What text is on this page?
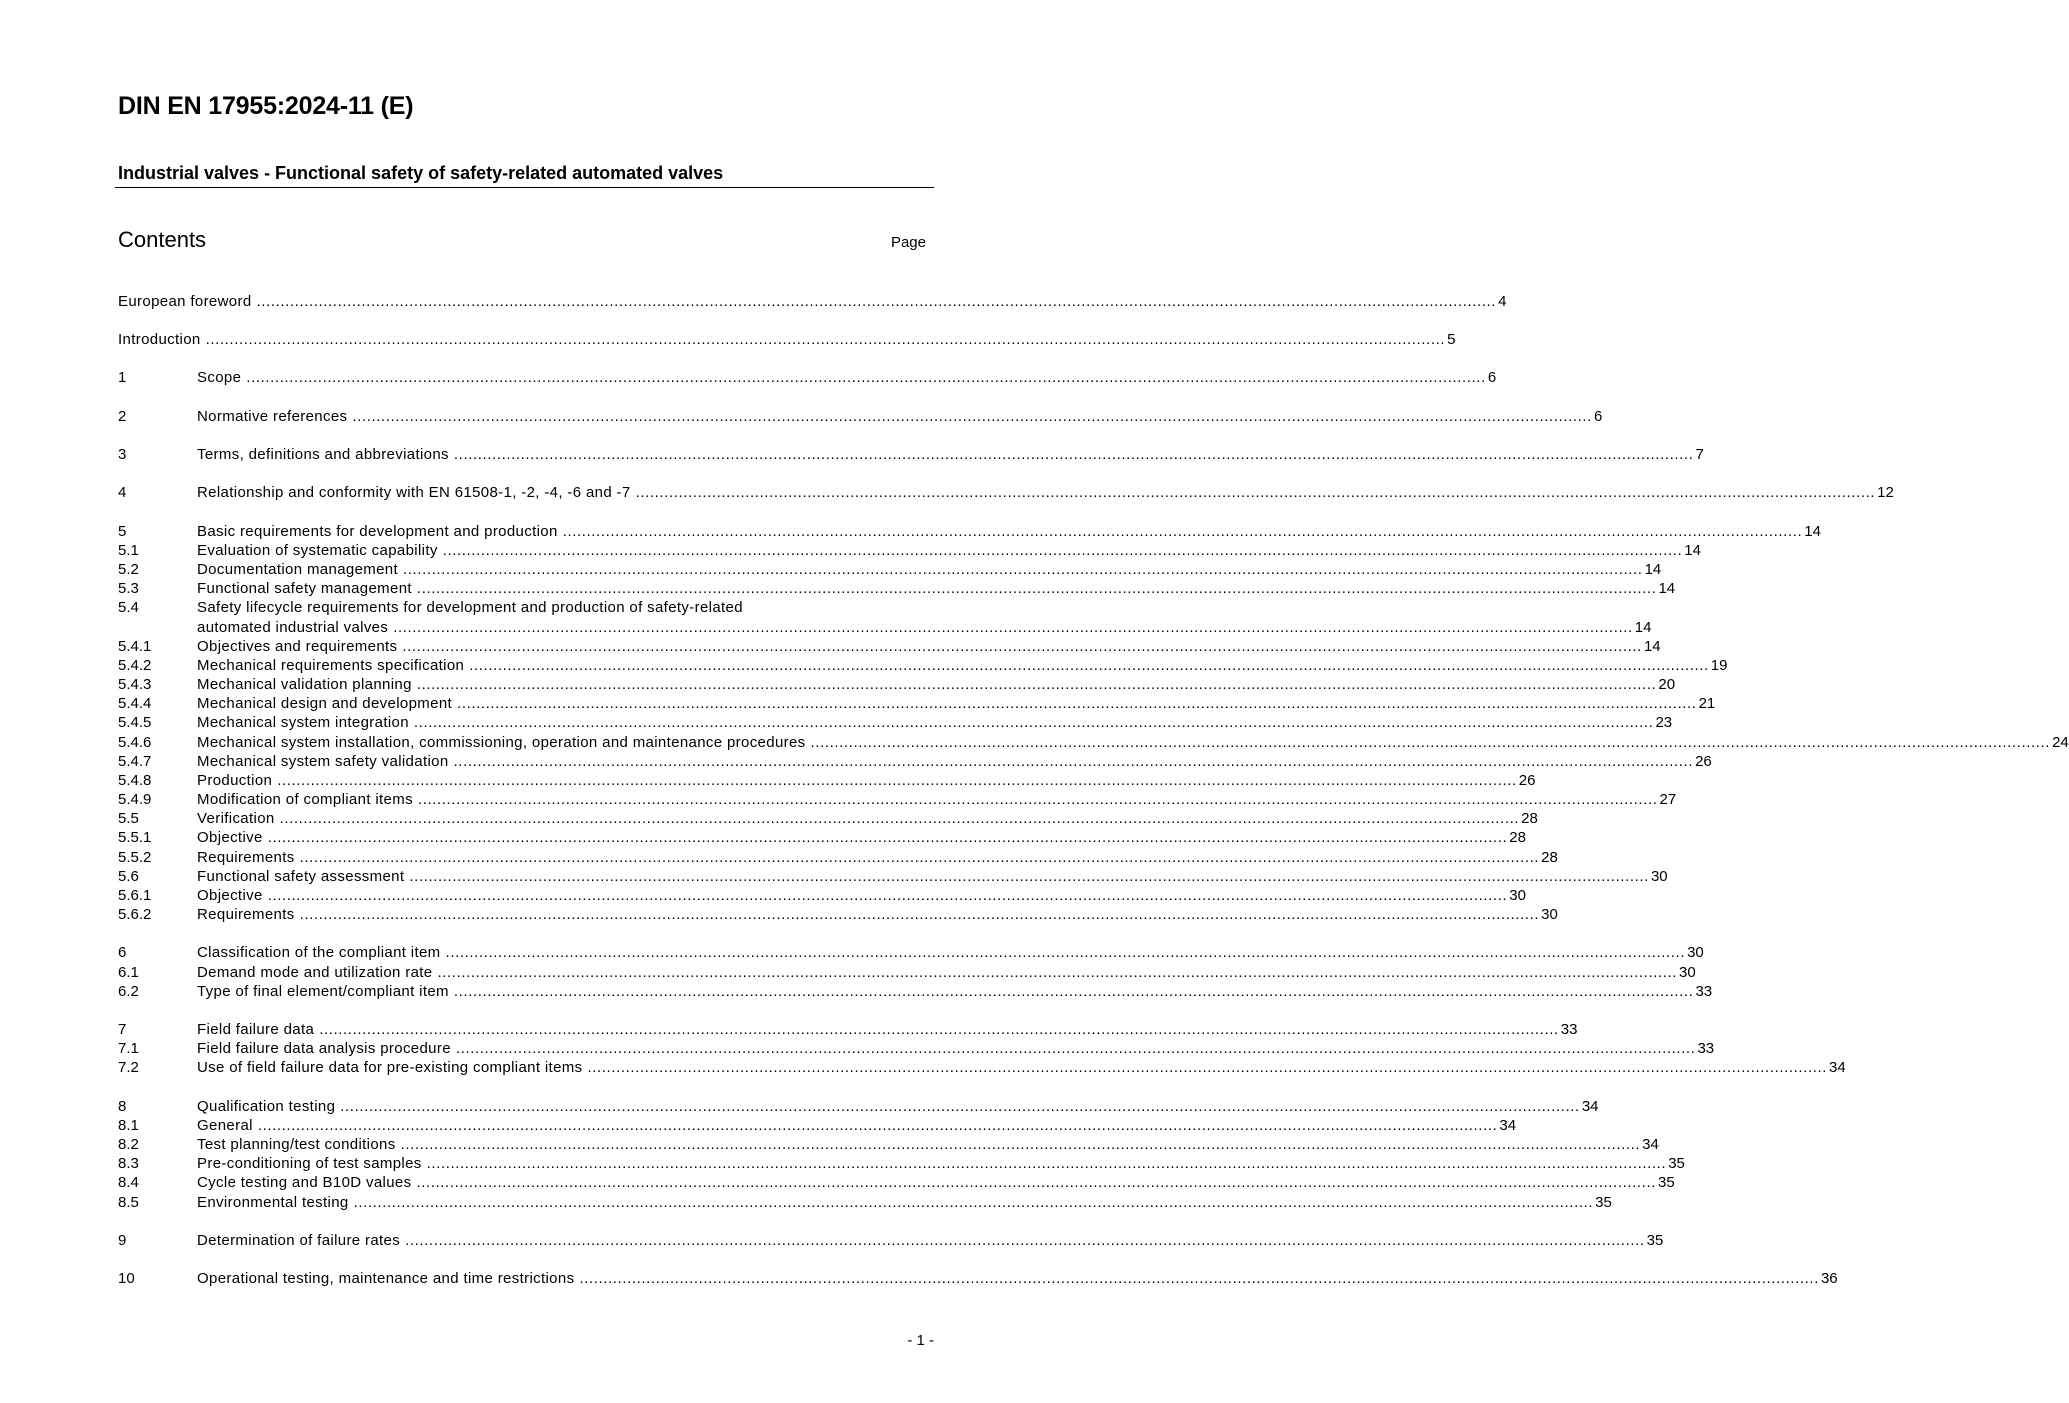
DIN EN 17955:2024-11 (E)
Industrial valves - Functional safety of safety-related automated valves
Contents	Page
European foreword .................................................................................................................................................................................................................................................................... 4
Introduction .................................................................................................................................................................................................................................................................... 5
1	Scope .................................................................................................................................................................................................................................................................... 6
2	Normative references .................................................................................................................................................................................................................................................................... 6
3	Terms, definitions and abbreviations .................................................................................................................................................................................................................................................................... 7
4	Relationship and conformity with EN 61508-1, -2, -4, -6 and -7 .................................................................................................................................................................................................................................................................... 12
5	Basic requirements for development and production .................................................................................................................................................................................................................................................................... 14
5.1	Evaluation of systematic capability .................................................................................................................................................................................................................................................................... 14
5.2	Documentation management .................................................................................................................................................................................................................................................................... 14
5.3	Functional safety management .................................................................................................................................................................................................................................................................... 14
5.4	Safety lifecycle requirements for development and production of safety-related
automated industrial valves .................................................................................................................................................................................................................................................................... 14
5.4.1	Objectives and requirements .................................................................................................................................................................................................................................................................... 14
5.4.2	Mechanical requirements specification .................................................................................................................................................................................................................................................................... 19
5.4.3	Mechanical validation planning .................................................................................................................................................................................................................................................................... 20
5.4.4	Mechanical design and development .................................................................................................................................................................................................................................................................... 21
5.4.5	Mechanical system integration .................................................................................................................................................................................................................................................................... 23
5.4.6	Mechanical system installation, commissioning, operation and maintenance procedures .................................................................................................................................................................................................................................................................... 24
5.4.7	Mechanical system safety validation .................................................................................................................................................................................................................................................................... 26
5.4.8	Production .................................................................................................................................................................................................................................................................... 26
5.4.9	Modification of compliant items .................................................................................................................................................................................................................................................................... 27
5.5	Verification .................................................................................................................................................................................................................................................................... 28
5.5.1	Objective .................................................................................................................................................................................................................................................................... 28
5.5.2	Requirements .................................................................................................................................................................................................................................................................... 28
5.6	Functional safety assessment .................................................................................................................................................................................................................................................................... 30
5.6.1	Objective .................................................................................................................................................................................................................................................................... 30
5.6.2	Requirements .................................................................................................................................................................................................................................................................... 30
6	Classification of the compliant item .................................................................................................................................................................................................................................................................... 30
6.1	Demand mode and utilization rate .................................................................................................................................................................................................................................................................... 30
6.2	Type of final element/compliant item .................................................................................................................................................................................................................................................................... 33
7	Field failure data .................................................................................................................................................................................................................................................................... 33
7.1	Field failure data analysis procedure .................................................................................................................................................................................................................................................................... 33
7.2	Use of field failure data for pre-existing compliant items .................................................................................................................................................................................................................................................................... 34
8	Qualification testing .................................................................................................................................................................................................................................................................... 34
8.1	General .................................................................................................................................................................................................................................................................... 34
8.2	Test planning/test conditions .................................................................................................................................................................................................................................................................... 34
8.3	Pre-conditioning of test samples .................................................................................................................................................................................................................................................................... 35
8.4	Cycle testing and B10D values .................................................................................................................................................................................................................................................................... 35
8.5	Environmental testing .................................................................................................................................................................................................................................................................... 35
9	Determination of failure rates .................................................................................................................................................................................................................................................................... 35
10	Operational testing, maintenance and time restrictions .................................................................................................................................................................................................................................................................... 36
- 1 -
